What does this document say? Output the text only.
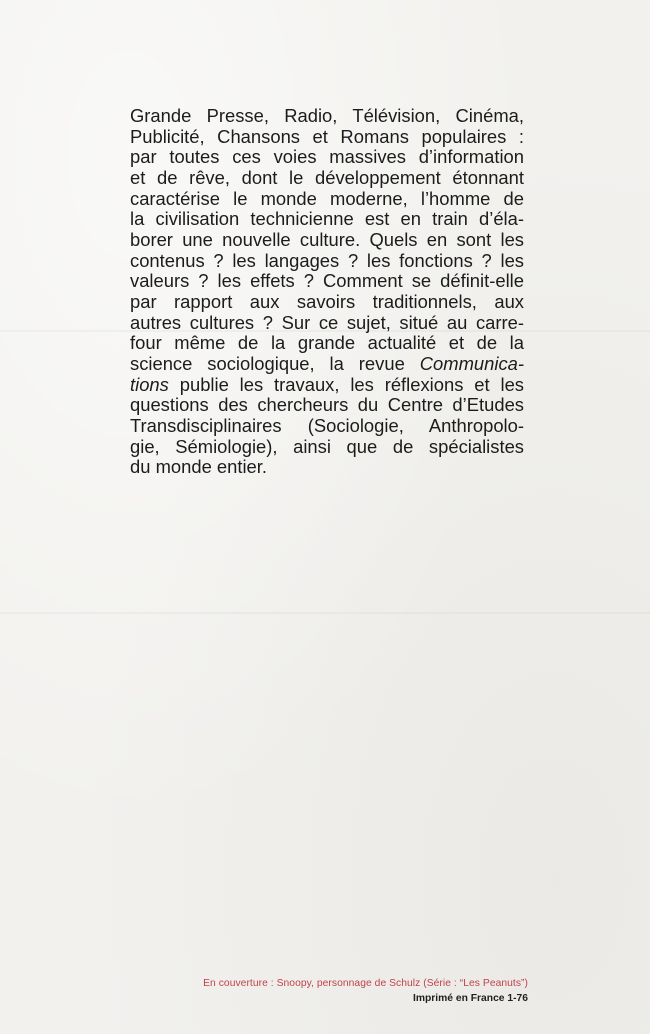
Grande Presse, Radio, Télévision, Cinéma,
Publicité, Chansons et Romans populaires :
par toutes ces voies massives d’information
et de rêve, dont le développement étonnant
caractérise le monde moderne, l’homme de
la civilisation technicienne est en train d’éla-
borer une nouvelle culture. Quels en sont les
contenus ? les langages ? les fonctions ? les
valeurs ? les effets ? Comment se définit-elle
par rapport aux savoirs traditionnels, aux
autres cultures ? Sur ce sujet, situé au carre-
four même de la grande actualité et de la
science sociologique, la revue Communica-
tions publie les travaux, les réflexions et les
questions des chercheurs du Centre d’Etudes
Transdisciplinaires (Sociologie, Anthropolo-
gie, Sémiologie), ainsi que de spécialistes
du monde entier.
En couverture : Snoopy, personnage de Schulz (Série : “Les Peanuts”)
Imprimé en France 1-76
